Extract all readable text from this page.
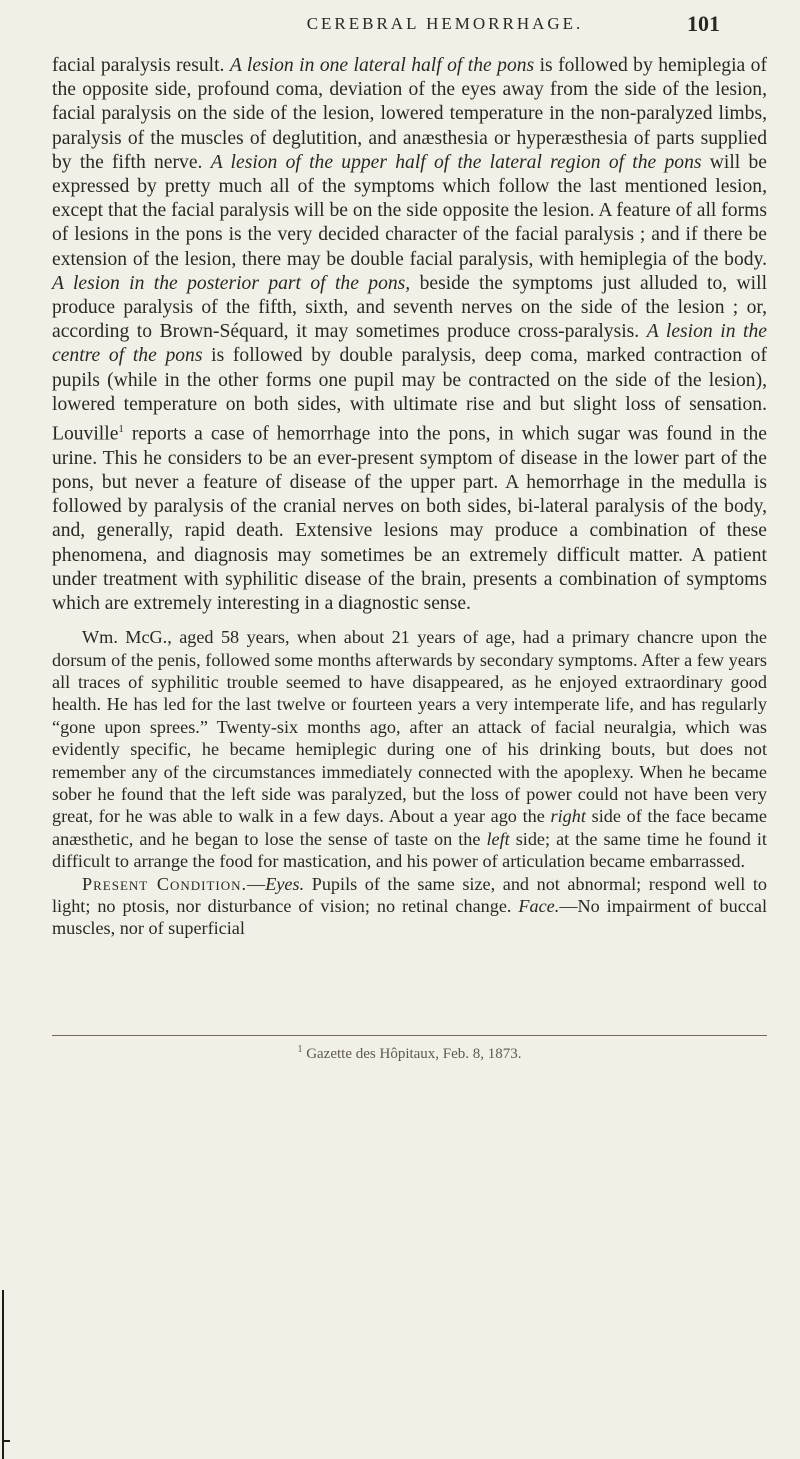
CEREBRAL HEMORRHAGE.	101

facial paralysis result. A lesion in one lateral half of the pons is followed by hemiplegia of the opposite side, profound coma, deviation of the eyes away from the side of the lesion, facial paralysis on the side of the lesion, lowered temperature in the non-paralyzed limbs, paralysis of the muscles of deglutition, and anæsthesia or hyperæsthesia of parts supplied by the fifth nerve. A lesion of the upper half of the lateral region of the pons will be expressed by pretty much all of the symptoms which follow the last mentioned lesion, except that the facial paralysis will be on the side opposite the lesion. A feature of all forms of lesions in the pons is the very decided character of the facial paralysis ; and if there be extension of the lesion, there may be double facial paralysis, with hemiplegia of the body. A lesion in the posterior part of the pons, beside the symptoms just alluded to, will produce paralysis of the fifth, sixth, and seventh nerves on the side of the lesion ; or, according to Brown-Séquard, it may sometimes produce cross-paralysis. A lesion in the centre of the pons is followed by double paralysis, deep coma, marked contraction of pupils (while in the other forms one pupil may be contracted on the side of the lesion), lowered temperature on both sides, with ultimate rise and but slight loss of sensation. Louville$^1$ reports a case of hemorrhage into the pons, in which sugar was found in the urine. This he considers to be an ever-present symptom of disease in the lower part of the pons, but never a feature of disease of the upper part. A hemorrhage in the medulla is followed by paralysis of the cranial nerves on both sides, bi-lateral paralysis of the body, and, generally, rapid death. Extensive lesions may produce a combination of these phenomena, and diagnosis may sometimes be an extremely difficult matter. A patient under treatment with syphilitic disease of the brain, presents a combination of symptoms which are extremely interesting in a diagnostic sense.

Wm. McG., aged 58 years, when about 21 years of age, had a primary chancre upon the dorsum of the penis, followed some months afterwards by secondary symptoms. After a few years all traces of syphilitic trouble seemed to have disappeared, as he enjoyed extraordinary good health. He has led for the last twelve or fourteen years a very intemperate life, and has regularly “gone upon sprees.” Twenty-six months ago, after an attack of facial neuralgia, which was evidently specific, he became hemiplegic during one of his drinking bouts, but does not remember any of the circumstances immediately connected with the apoplexy. When he became sober he found that the left side was paralyzed, but the loss of power could not have been very great, for he was able to walk in a few days. About a year ago the right side of the face became anæsthetic, and he began to lose the sense of taste on the left side; at the same time he found it difficult to arrange the food for mastication, and his power of articulation became embarrassed.

Present Condition.—Eyes. Pupils of the same size, and not abnormal; respond well to light; no ptosis, nor disturbance of vision; no retinal change. Face.—No impairment of buccal muscles, nor of superficial

$^1$ Gazette des Hôpitaux, Feb. 8, 1873.
